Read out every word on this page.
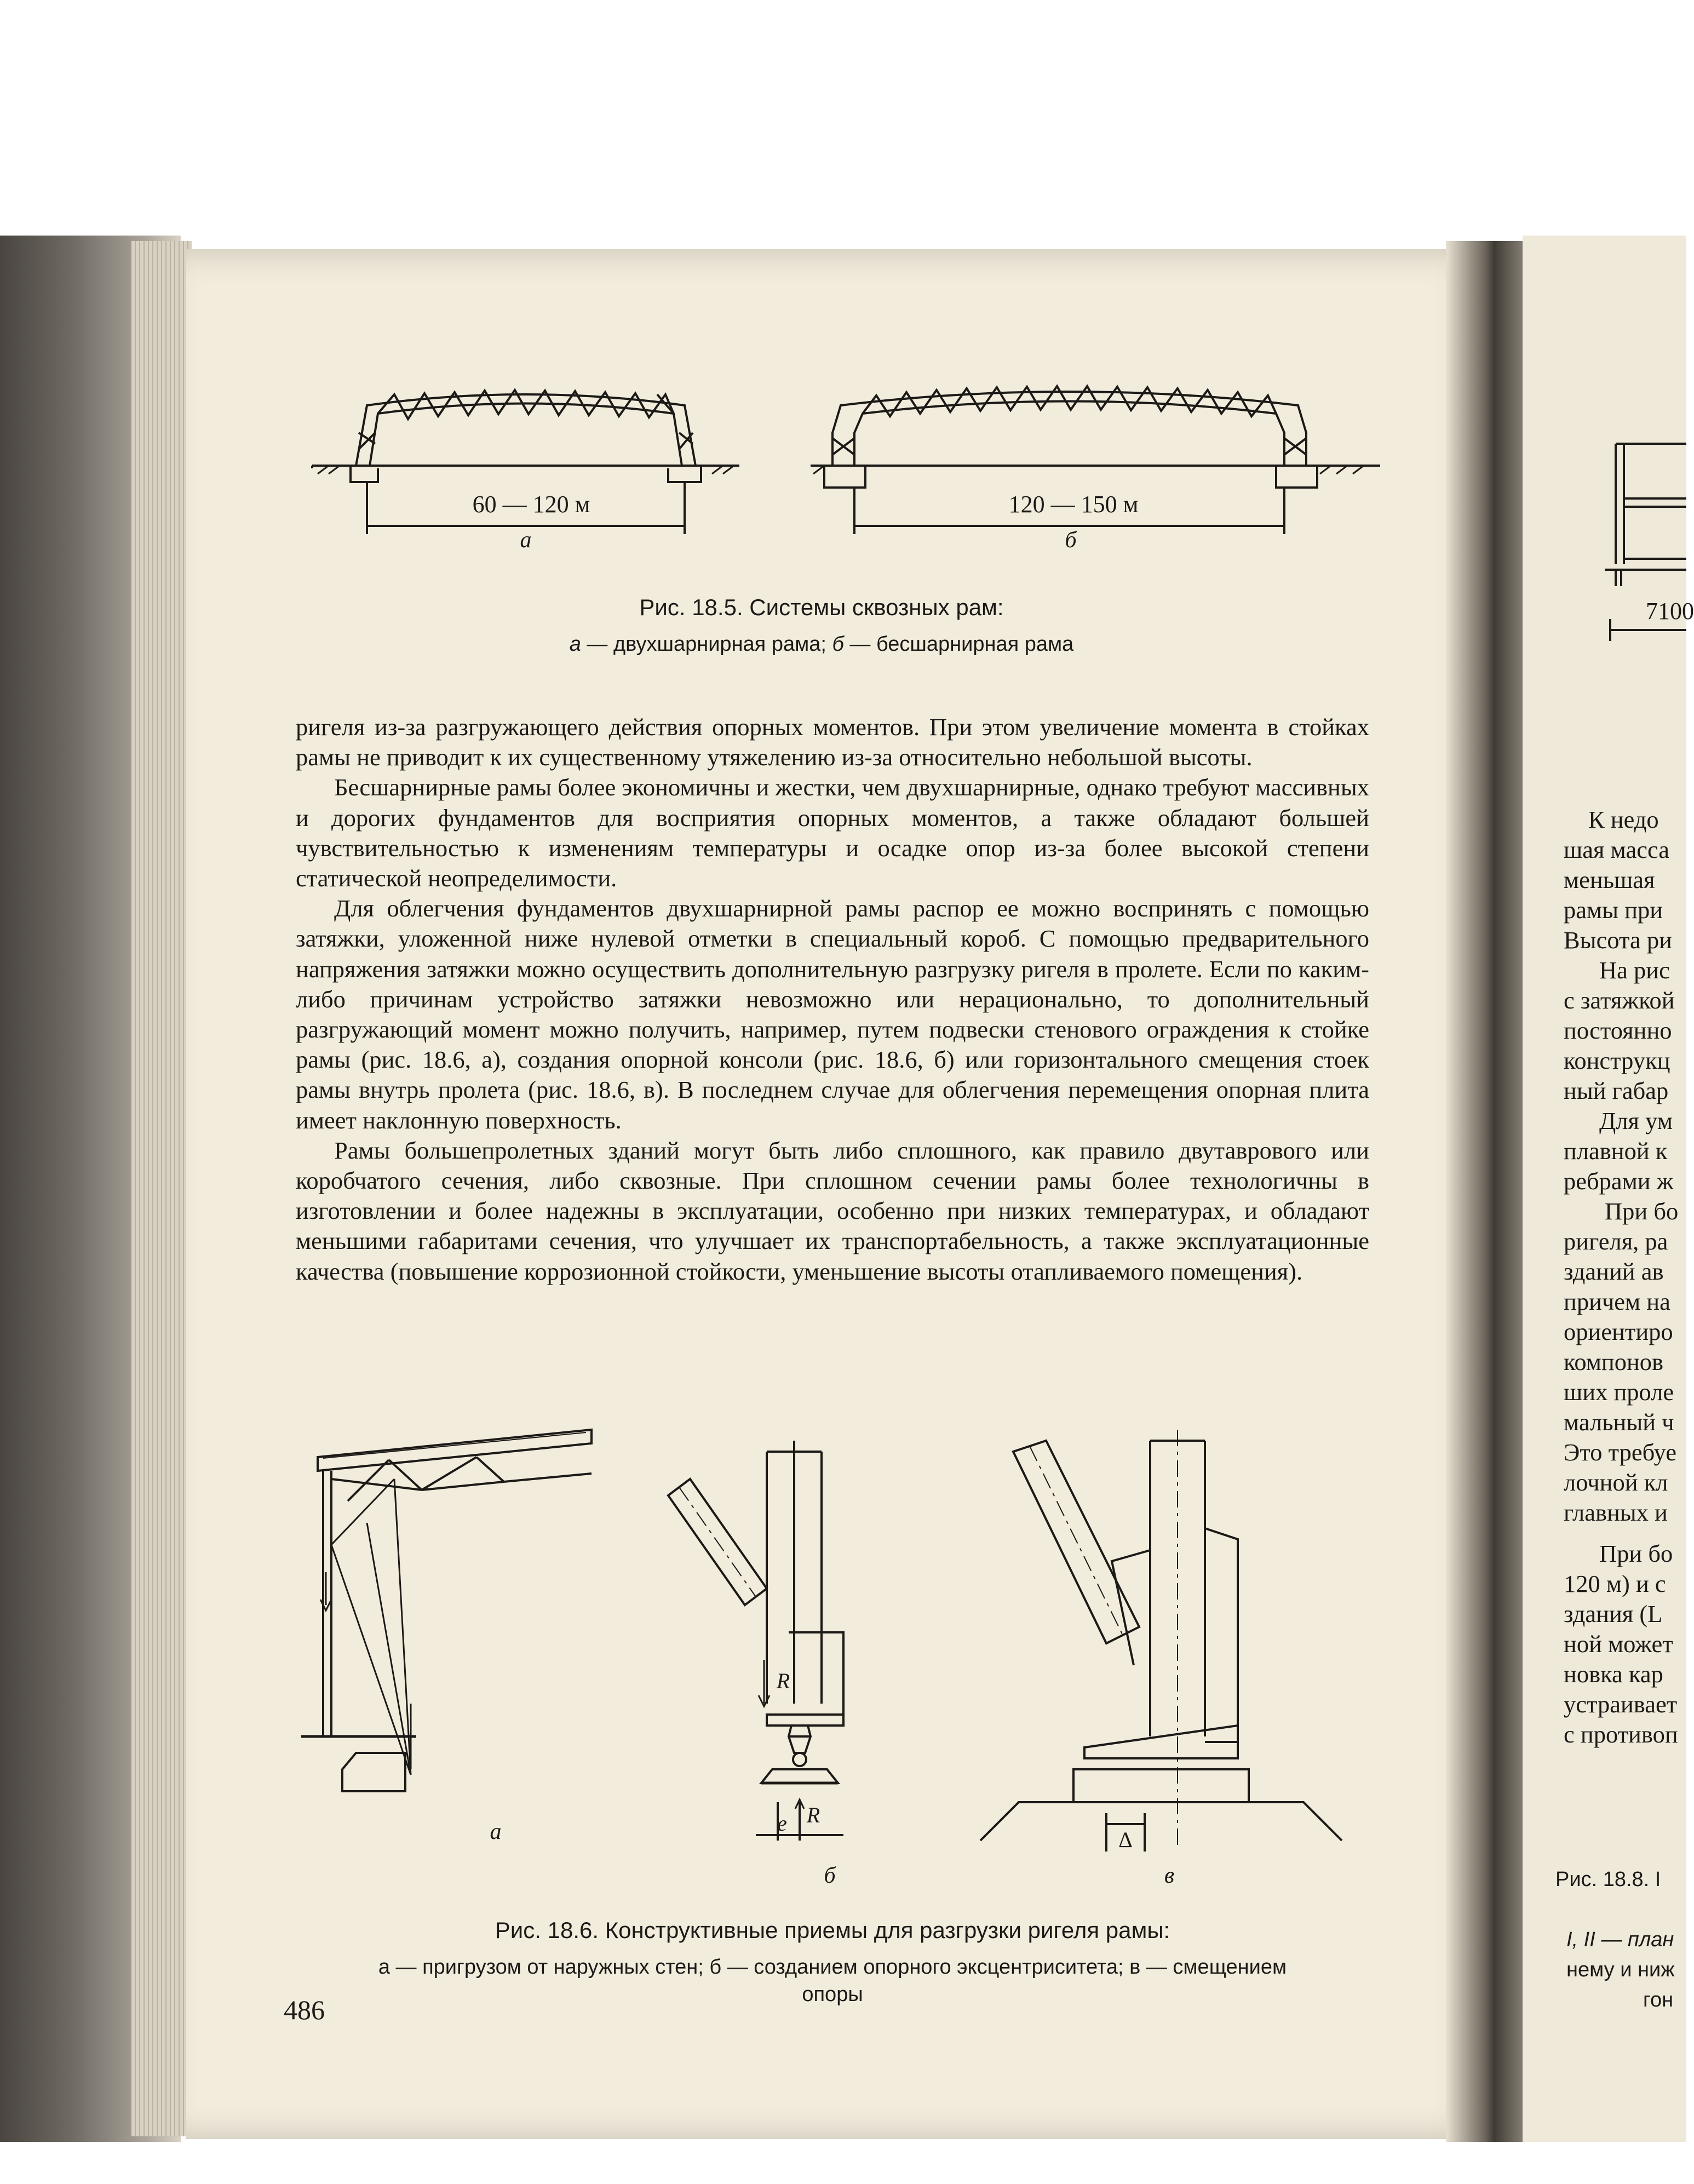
60 — 120 м	120 — 150 м
а	б
Рис. 18.5. Системы сквозных рам:
а — двухшарнирная рама; б — бесшарнирная рама

ригеля из-за разгружающего действия опорных моментов. При этом увеличение момента в стойках рамы не приводит к их существенному утяжелению из-за относительно небольшой высоты.

Бесшарнирные рамы более экономичны и жестки, чем двухшарнирные, однако требуют массивных и дорогих фундаментов для восприятия опорных моментов, а также обладают большей чувствительностью к изменениям температуры и осадке опор из-за более высокой степени статической неопределимости.

Для облегчения фундаментов двухшарнирной рамы распор ее можно воспринять с помощью затяжки, уложенной ниже нулевой отметки в специальный короб. С помощью предварительного напряжения затяжки можно осуществить дополнительную разгрузку ригеля в пролете. Если по каким-либо причинам устройство затяжки невозможно или нерационально, то дополнительный разгружающий момент можно получить, например, путем подвески стенового ограждения к стойке рамы (рис. 18.6, а), создания опорной консоли (рис. 18.6, б) или горизонтального смещения стоек рамы внутрь пролета (рис. 18.6, в). В последнем случае для облегчения перемещения опорная плита имеет наклонную поверхность.

Рамы большепролетных зданий могут быть либо сплошного, как правило двутаврового или коробчатого сечения, либо сквозные. При сплошном сечении рамы более технологичны в изготовлении и более надежны в эксплуатации, особенно при низких температурах, и обладают меньшими габаритами сечения, что улучшает их транспортабельность, а также эксплуатационные качества (повышение коррозионной стойкости, уменьшение высоты отапливаемого помещения).

R
e R
Δ
а
б	в
Рис. 18.6. Конструктивные приемы для разгрузки ригеля рамы:
а — пригрузом от наружных стен; б — созданием опорного эксцентриситета; в — смещением
опоры
486
7100
К недо
шая масса
меньшая
рамы при
Высота ри
На рис
с затяжкой
постоянно
конструкц
ный габар
Для ум
плавной к
ребрами ж
При бо
ригеля, ра
зданий ав
причем на
ориентиро
компонов
ших проле
мальный ч
Это требуе
лочной кл
главных и
При бо
120 м) и с
здания (L
ной может
новка кар
устраивает
с противоп
Рис. 18.8. I
I, II — план
нему и ниж
гон
